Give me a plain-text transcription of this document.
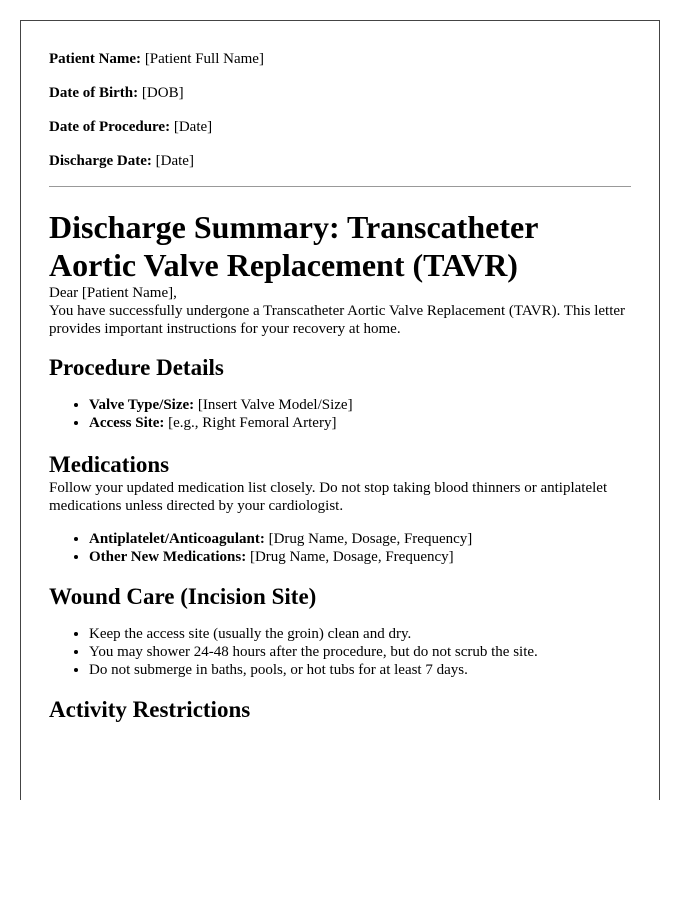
Patient Name: [Patient Full Name]

Date of Birth: [DOB]

Date of Procedure: [Date]

Discharge Date: [Date]

Discharge Summary: Transcatheter Aortic Valve Replacement (TAVR)

Dear [Patient Name],

You have successfully undergone a Transcatheter Aortic Valve Replacement (TAVR). This letter provides important instructions for your recovery at home.

Procedure Details
• Valve Type/Size: [Insert Valve Model/Size]
• Access Site: [e.g., Right Femoral Artery]
Medications

Follow your updated medication list closely. Do not stop taking blood thinners or antiplatelet medications unless directed by your cardiologist.

• Antiplatelet/Anticoagulant: [Drug Name, Dosage, Frequency]
• Other New Medications: [Drug Name, Dosage, Frequency]
Wound Care (Incision Site)
• Keep the access site (usually the groin) clean and dry.
• You may shower 24-48 hours after the procedure, but do not scrub the site.
• Do not submerge in baths, pools, or hot tubs for at least 7 days.
Activity Restrictions
